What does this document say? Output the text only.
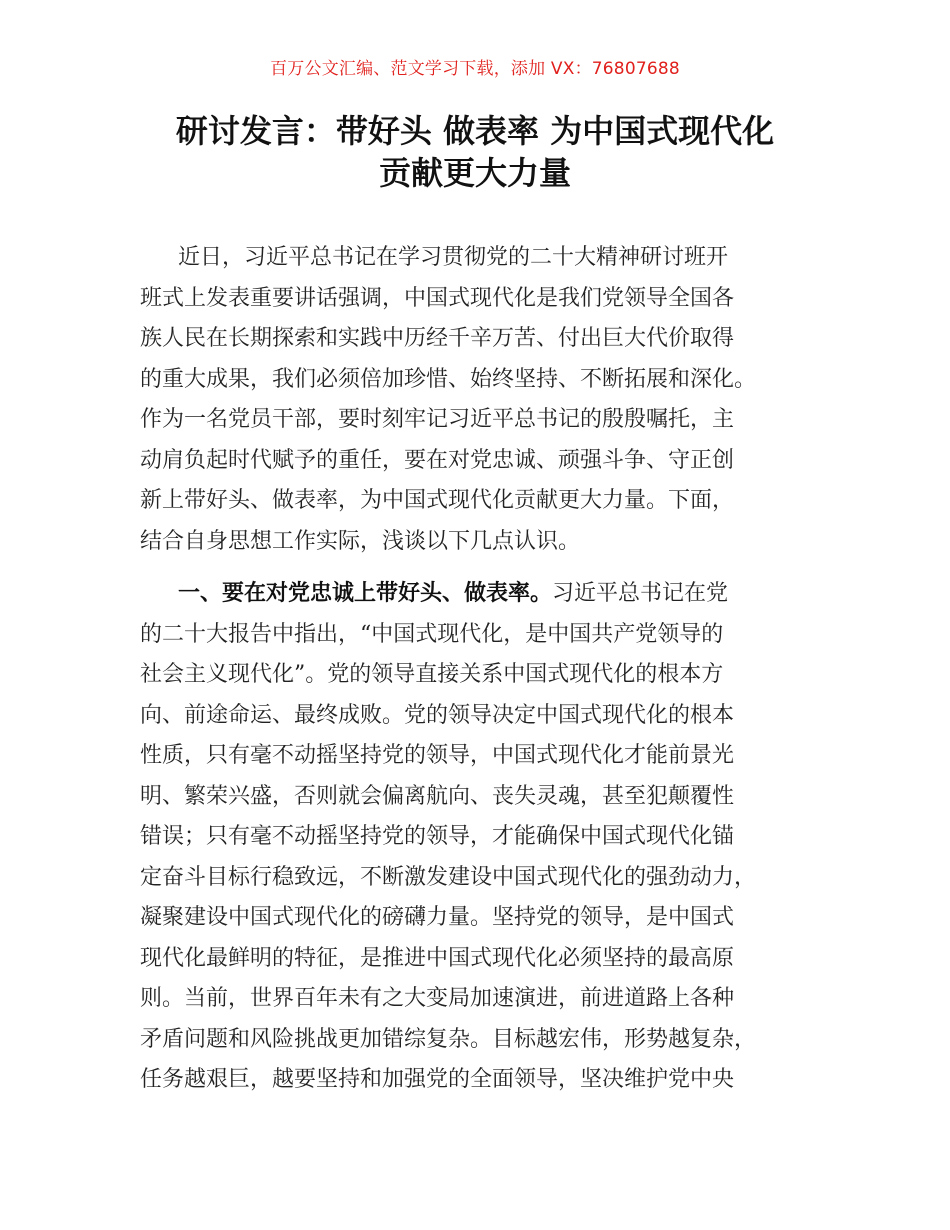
百万公文汇编、范文学习下载，添加 VX：76807688
研讨发言：带好头 做表率 为中国式现代化
贡献更大力量
近日，习近平总书记在学习贯彻党的二十大精神研讨班开
班式上发表重要讲话强调，中国式现代化是我们党领导全国各
族人民在长期探索和实践中历经千辛万苦、付出巨大代价取得
的重大成果，我们必须倍加珍惜、始终坚持、不断拓展和深化。
作为一名党员干部，要时刻牢记习近平总书记的殷殷嘱托，主
动肩负起时代赋予的重任，要在对党忠诚、顽强斗争、守正创
新上带好头、做表率，为中国式现代化贡献更大力量。下面，
结合自身思想工作实际，浅谈以下几点认识。
一、要在对党忠诚上带好头、做表率。习近平总书记在党
的二十大报告中指出，“中国式现代化，是中国共产党领导的
社会主义现代化”。党的领导直接关系中国式现代化的根本方
向、前途命运、最终成败。党的领导决定中国式现代化的根本
性质，只有毫不动摇坚持党的领导，中国式现代化才能前景光
明、繁荣兴盛，否则就会偏离航向、丧失灵魂，甚至犯颠覆性
错误；只有毫不动摇坚持党的领导，才能确保中国式现代化锚
定奋斗目标行稳致远，不断激发建设中国式现代化的强劲动力，
凝聚建设中国式现代化的磅礴力量。坚持党的领导，是中国式
现代化最鲜明的特征，是推进中国式现代化必须坚持的最高原
则。当前，世界百年未有之大变局加速演进，前进道路上各种
矛盾问题和风险挑战更加错综复杂。目标越宏伟，形势越复杂，
任务越艰巨，越要坚持和加强党的全面领导，坚决维护党中央
